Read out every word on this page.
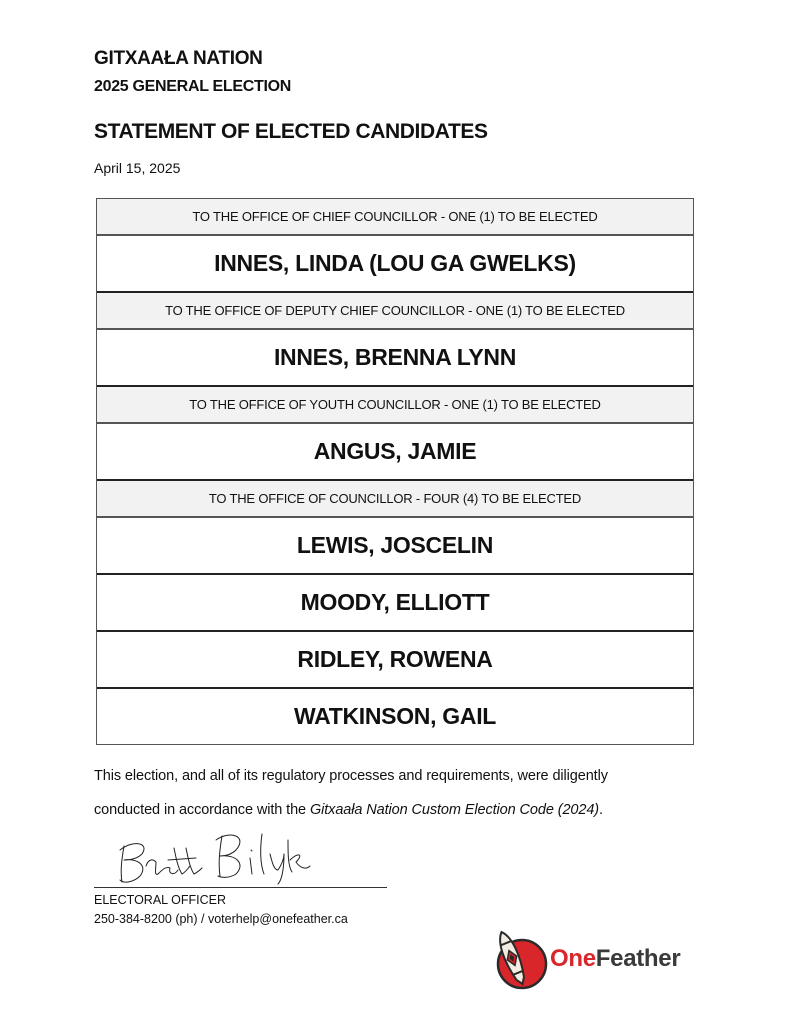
GITXAAŁA NATION
2025 GENERAL ELECTION
STATEMENT OF ELECTED CANDIDATES
April 15, 2025
TO THE OFFICE OF CHIEF COUNCILLOR - ONE (1) TO BE ELECTED
INNES, LINDA (LOU GA GWELKS)
TO THE OFFICE OF DEPUTY CHIEF COUNCILLOR - ONE (1) TO BE ELECTED
INNES, BRENNA LYNN
TO THE OFFICE OF YOUTH COUNCILLOR - ONE (1) TO BE ELECTED
ANGUS, JAMIE
TO THE OFFICE OF COUNCILLOR - FOUR (4) TO BE ELECTED
LEWIS, JOSCELIN
MOODY, ELLIOTT
RIDLEY, ROWENA
WATKINSON, GAIL
This election, and all of its regulatory processes and requirements, were diligently
conducted in accordance with the Gitxaała Nation Custom Election Code (2024).
ELECTORAL OFFICER
250-384-8200 (ph) / voterhelp@onefeather.ca
OneFeather
